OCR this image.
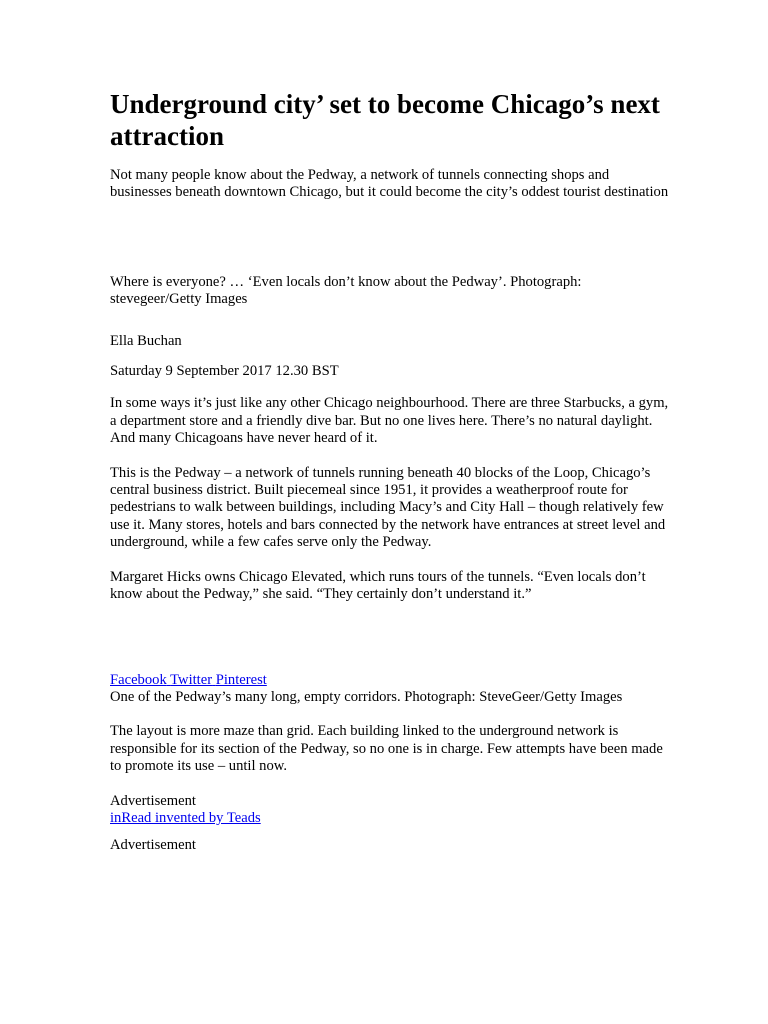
Underground city’ set to become Chicago’s next attraction

Not many people know about the Pedway, a network of tunnels connecting shops and businesses beneath downtown Chicago, but it could become the city’s oddest tourist destination

Where is everyone? … ‘Even locals don’t know about the Pedway’. Photograph: stevegeer/Getty Images

Ella Buchan

Saturday 9 September 2017 12.30 BST

In some ways it’s just like any other Chicago neighbourhood. There are three Starbucks, a gym, a department store and a friendly dive bar. But no one lives here. There’s no natural daylight. And many Chicagoans have never heard of it.

This is the Pedway – a network of tunnels running beneath 40 blocks of the Loop, Chicago’s central business district. Built piecemeal since 1951, it provides a weatherproof route for pedestrians to walk between buildings, including Macy’s and City Hall – though relatively few use it. Many stores, hotels and bars connected by the network have entrances at street level and underground, while a few cafes serve only the Pedway.

Margaret Hicks owns Chicago Elevated, which runs tours of the tunnels. “Even locals don’t know about the Pedway,” she said. “They certainly don’t understand it.”

Facebook Twitter Pinterest

One of the Pedway’s many long, empty corridors. Photograph: SteveGeer/Getty Images

The layout is more maze than grid. Each building linked to the underground network is responsible for its section of the Pedway, so no one is in charge. Few attempts have been made to promote its use – until now.

Advertisement

inRead invented by Teads

Advertisement
